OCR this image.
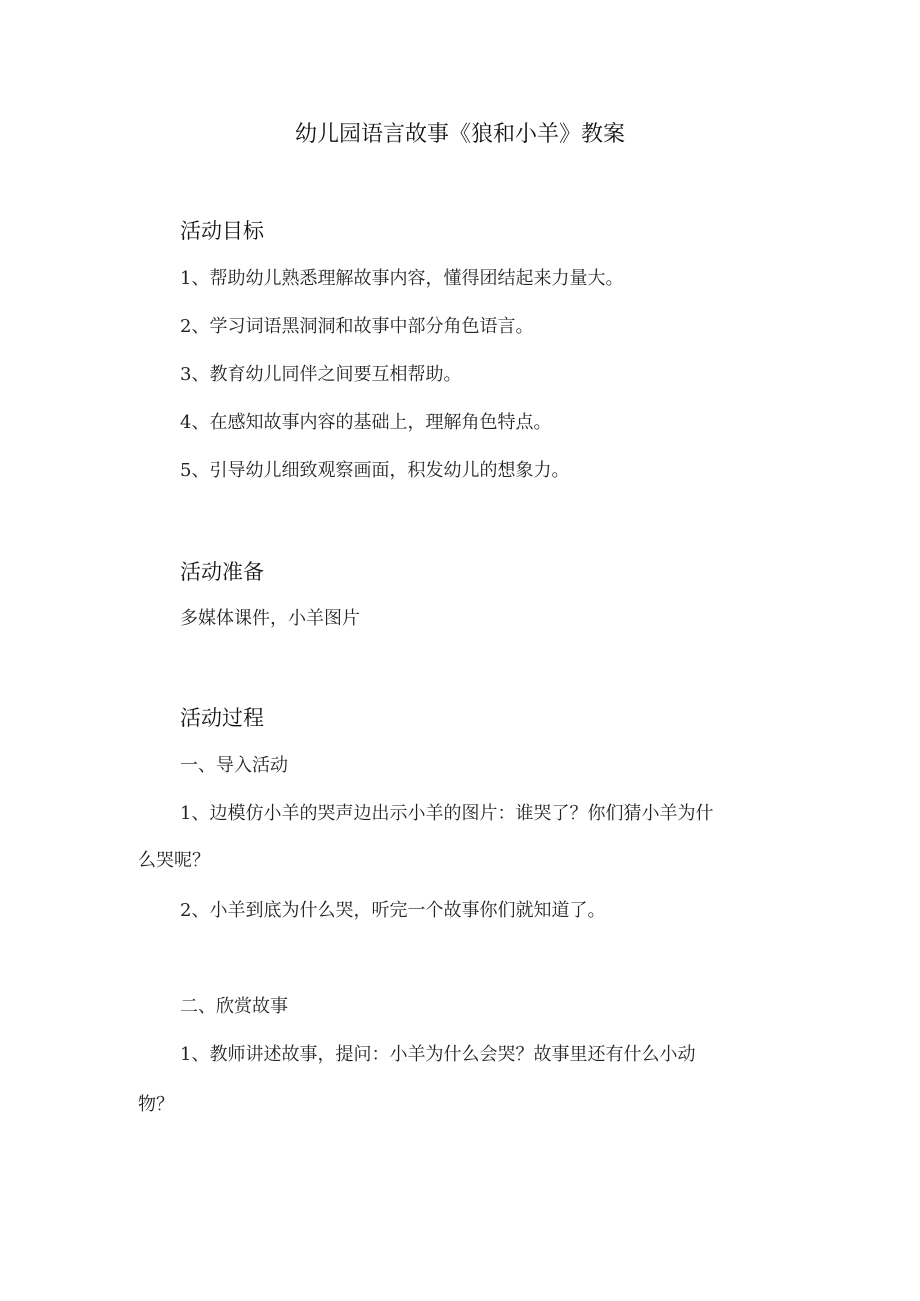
幼儿园语言故事《狼和小羊》教案
活动目标
1、帮助幼儿熟悉理解故事内容，懂得团结起来力量大。
2、学习词语黑洞洞和故事中部分角色语言。
3、教育幼儿同伴之间要互相帮助。
4、在感知故事内容的基础上，理解角色特点。
5、引导幼儿细致观察画面，积发幼儿的想象力。
活动准备
多媒体课件，小羊图片
活动过程
一、导入活动
1、边模仿小羊的哭声边出示小羊的图片：谁哭了？你们猜小羊为什
么哭呢？
2、小羊到底为什么哭，听完一个故事你们就知道了。
二、欣赏故事
1、教师讲述故事，提问：小羊为什么会哭？故事里还有什么小动
物？
